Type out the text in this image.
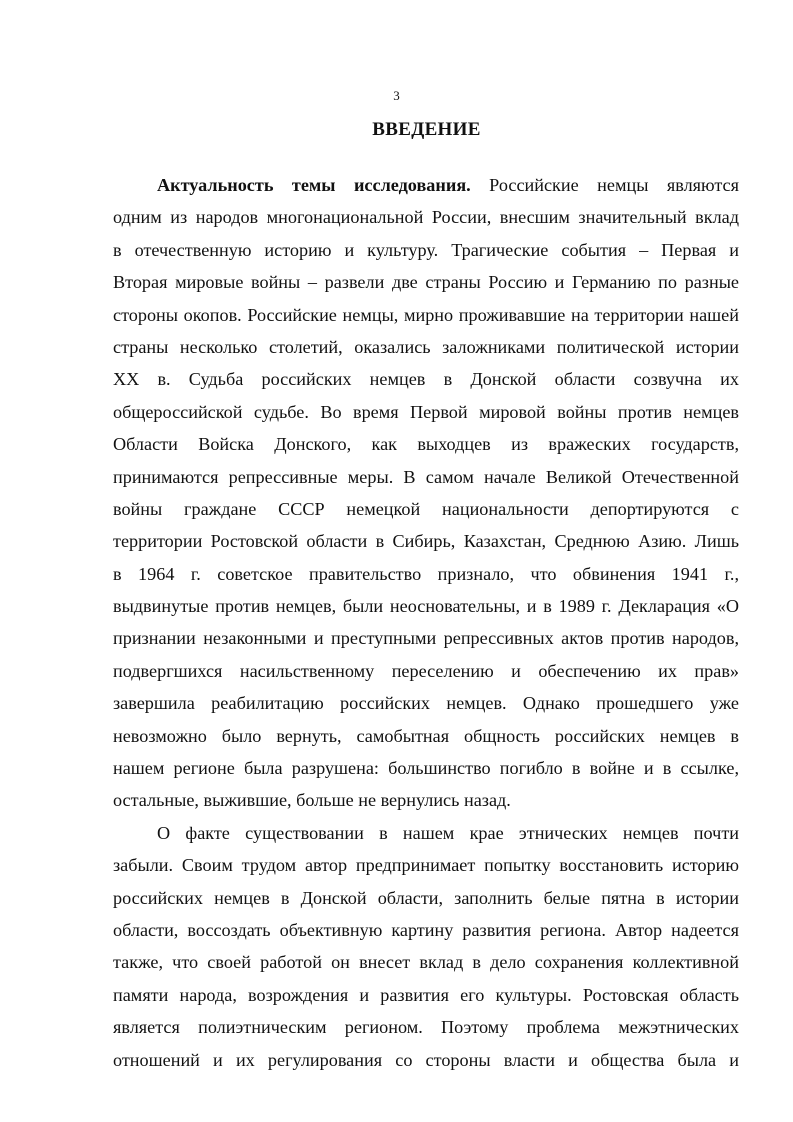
3
ВВЕДЕНИЕ
Актуальность темы исследования. Российские немцы являются
одним из народов многонациональной России, внесшим значительный вклад
в отечественную историю и культуру. Трагические события – Первая и
Вторая мировые войны – развели две страны Россию и Германию по разные
стороны окопов. Российские немцы, мирно проживавшие на территории нашей
страны несколько столетий, оказались заложниками политической истории
XX в. Судьба российских немцев в Донской области созвучна их
общероссийской судьбе. Во время Первой мировой войны против немцев
Области Войска Донского, как выходцев из вражеских государств,
принимаются репрессивные меры. В самом начале Великой Отечественной
войны граждане СССР немецкой национальности депортируются с
территории Ростовской области в Сибирь, Казахстан, Среднюю Азию. Лишь
в 1964 г. советское правительство признало, что обвинения 1941 г.,
выдвинутые против немцев, были неосновательны, и в 1989 г. Декларация «О
признании незаконными и преступными репрессивных актов против народов,
подвергшихся насильственному переселению и обеспечению их прав»
завершила реабилитацию российских немцев. Однако прошедшего уже
невозможно было вернуть, самобытная общность российских немцев в
нашем регионе была разрушена: большинство погибло в войне и в ссылке,
остальные, выжившие, больше не вернулись назад.
О факте существовании в нашем крае этнических немцев почти
забыли. Своим трудом автор предпринимает попытку восстановить историю
российских немцев в Донской области, заполнить белые пятна в истории
области, воссоздать объективную картину развития региона. Автор надеется
также, что своей работой он внесет вклад в дело сохранения коллективной
памяти народа, возрождения и развития его культуры. Ростовская область
является полиэтническим регионом. Поэтому проблема межэтнических
отношений и их регулирования со стороны власти и общества была и
